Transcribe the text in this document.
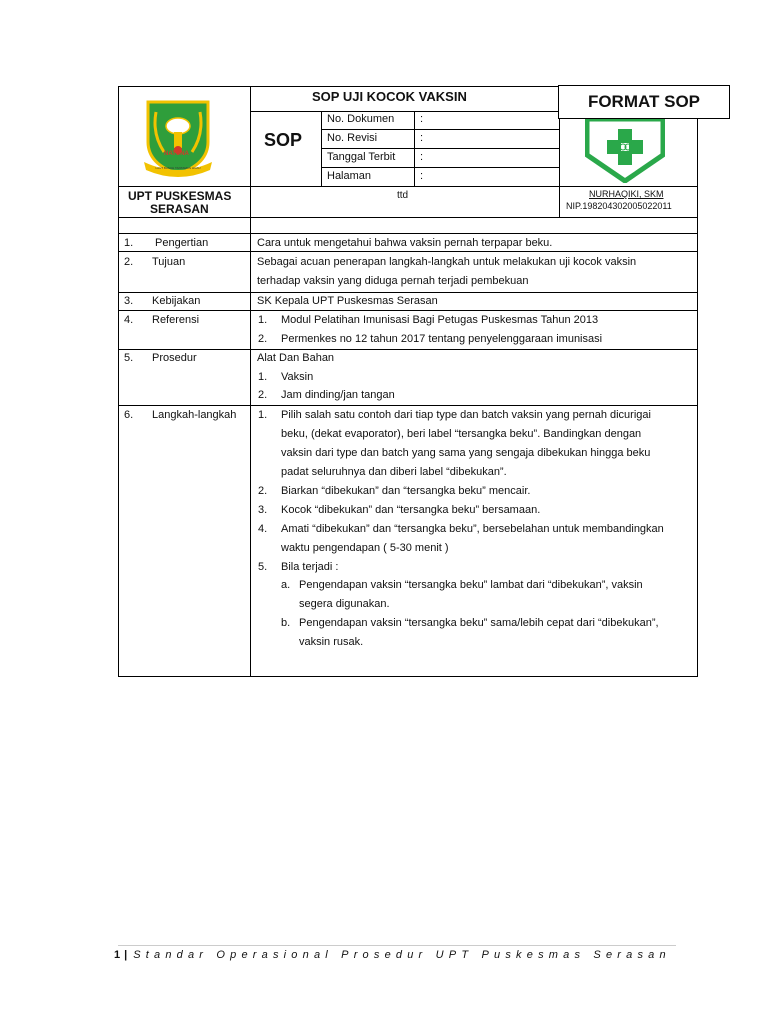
NATUNA
LAUT BASUH TANTAMAN HIJAU
SOP UJI KOCOK VAKSIN
SOP
No. Dokumen :
No. Revisi	:
Tanggal Terbit :
Halaman	:
FORMAT SOP
UPT PUSKESMAS
SERASAN
ttd	NURHAQIKI, SKM
NIP.198204302005022011
1. Pengertian	Cara untuk mengetahui bahwa vaksin pernah terpapar beku.
2. Tujuan	Sebagai acuan penerapan langkah-langkah untuk melakukan uji kocok vaksin
terhadap vaksin yang diduga pernah terjadi pembekuan
3. Kebijakan	SK Kepala UPT Puskesmas Serasan
4. Referensi	1. Modul Pelatihan Imunisasi Bagi Petugas Puskesmas Tahun 2013
2. Permenkes no 12 tahun 2017 tentang penyelenggaraan imunisasi
5. Prosedur	Alat Dan Bahan
1. Vaksin
2. Jam dinding/jan tangan
6. Langkah-langkah 1. Pilih salah satu contoh dari tiap type dan batch vaksin yang pernah dicurigai
beku, (dekat evaporator), beri label “tersangka beku”. Bandingkan dengan
vaksin dari type dan batch yang sama yang sengaja dibekukan hingga beku
padat seluruhnya dan diberi label “dibekukan”.
2. Biarkan “dibekukan” dan “tersangka beku” mencair.
3. Kocok “dibekukan” dan “tersangka beku” bersamaan.
4. Amati “dibekukan” dan “tersangka beku”, bersebelahan untuk membandingkan
waktu pengendapan ( 5-30 menit )
5. Bila terjadi :
a. Pengendapan vaksin “tersangka beku” lambat dari “dibekukan”, vaksin
segera digunakan.
b. Pengendapan vaksin “tersangka beku” sama/lebih cepat dari “dibekukan”,
vaksin rusak.
1 | Standar Operasional Prosedur UPT Puskesmas Serasan
